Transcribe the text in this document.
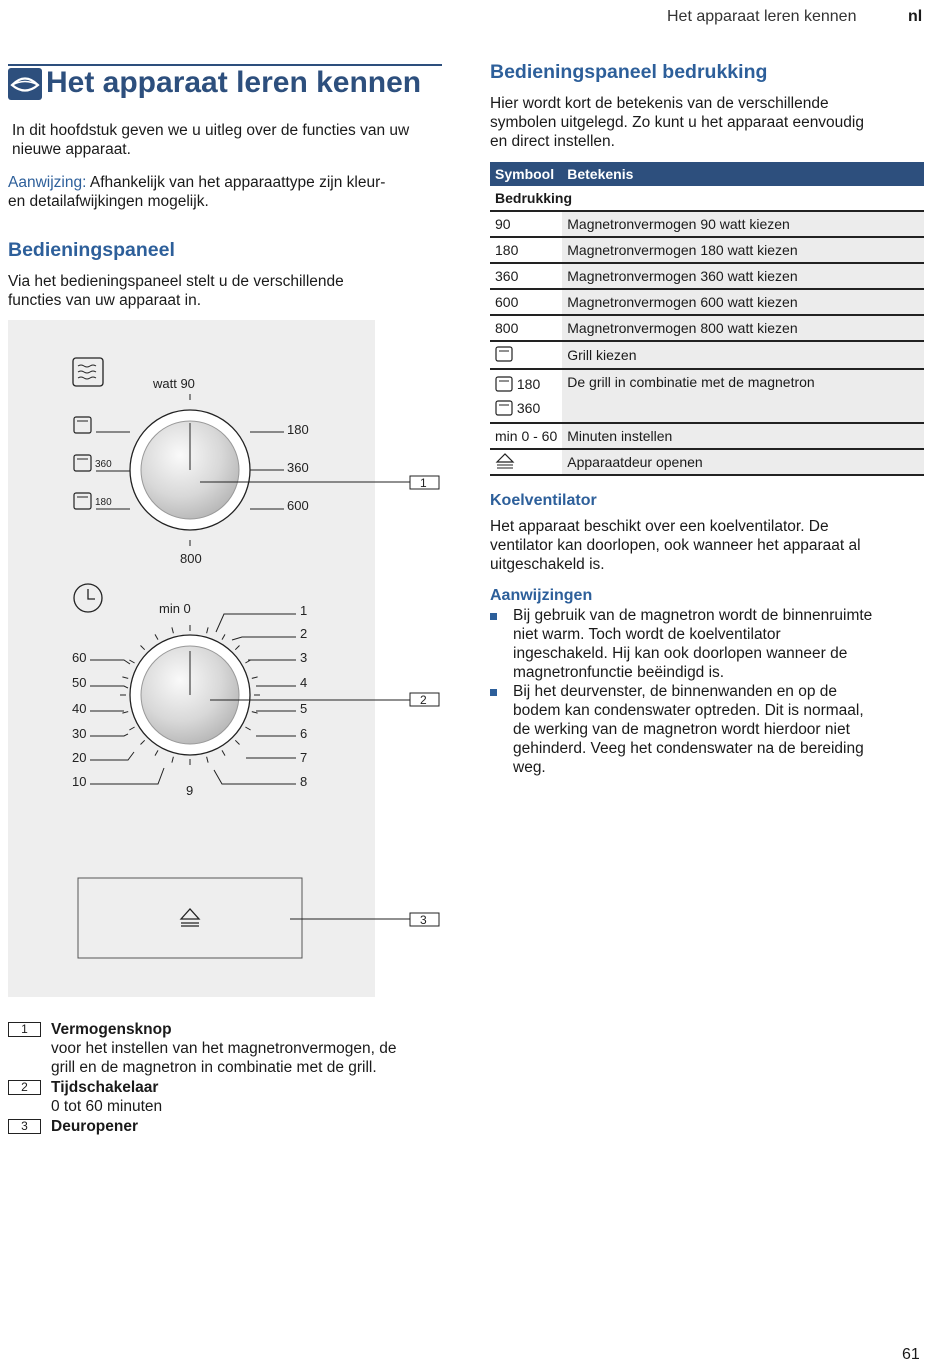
Het apparaat leren kennen	nl
Het apparaat leren kennen
In dit hoofdstuk geven we u uitleg over de functies van uw nieuwe apparaat.
Aanwijzing: Afhankelijk van het apparaattype zijn kleur-
en detailafwijkingen mogelijk.
Bedieningspaneel
Via het bedieningspaneel stelt u de verschillende
functies van uw apparaat in.
360
180
watt 90
800
180
360
600
1
min 0
60
50
40
30
20
10
1
2
3
4
5
6
7
8
9
2
3
1	Vermogensknop
voor het instellen van het magnetronvermogen, de
grill en de magnetron in combinatie met de grill.
2	Tijdschakelaar
0 tot 60 minuten
3	Deuropener
Bedieningspaneel bedrukking
Hier wordt kort de betekenis van de verschillende
symbolen uitgelegd. Zo kunt u het apparaat eenvoudig
en direct instellen.
Symbool	Betekenis
Bedrukking	
90	Magnetronvermogen 90 watt kiezen
180	Magnetronvermogen 180 watt kiezen
360	Magnetronvermogen 360 watt kiezen
600	Magnetronvermogen 600 watt kiezen
800	Magnetronvermogen 800 watt kiezen
	Grill kiezen
180
360	De grill in combinatie met de magnetron
min 0 - 60	Minuten instellen
	Apparaatdeur openen
Koelventilator
Het apparaat beschikt over een koelventilator. De
ventilator kan doorlopen, ook wanneer het apparaat al
uitgeschakeld is.
Aanwijzingen
Bij gebruik van de magnetron wordt de binnenruimte
niet warm. Toch wordt de koelventilator
ingeschakeld. Hij kan ook doorlopen wanneer de
magnetronfunctie beëindigd is.
Bij het deurvenster, de binnenwanden en op de
bodem kan condenswater optreden. Dit is normaal,
de werking van de magnetron wordt hierdoor niet
gehinderd. Veeg het condenswater na de bereiding
weg.
61
